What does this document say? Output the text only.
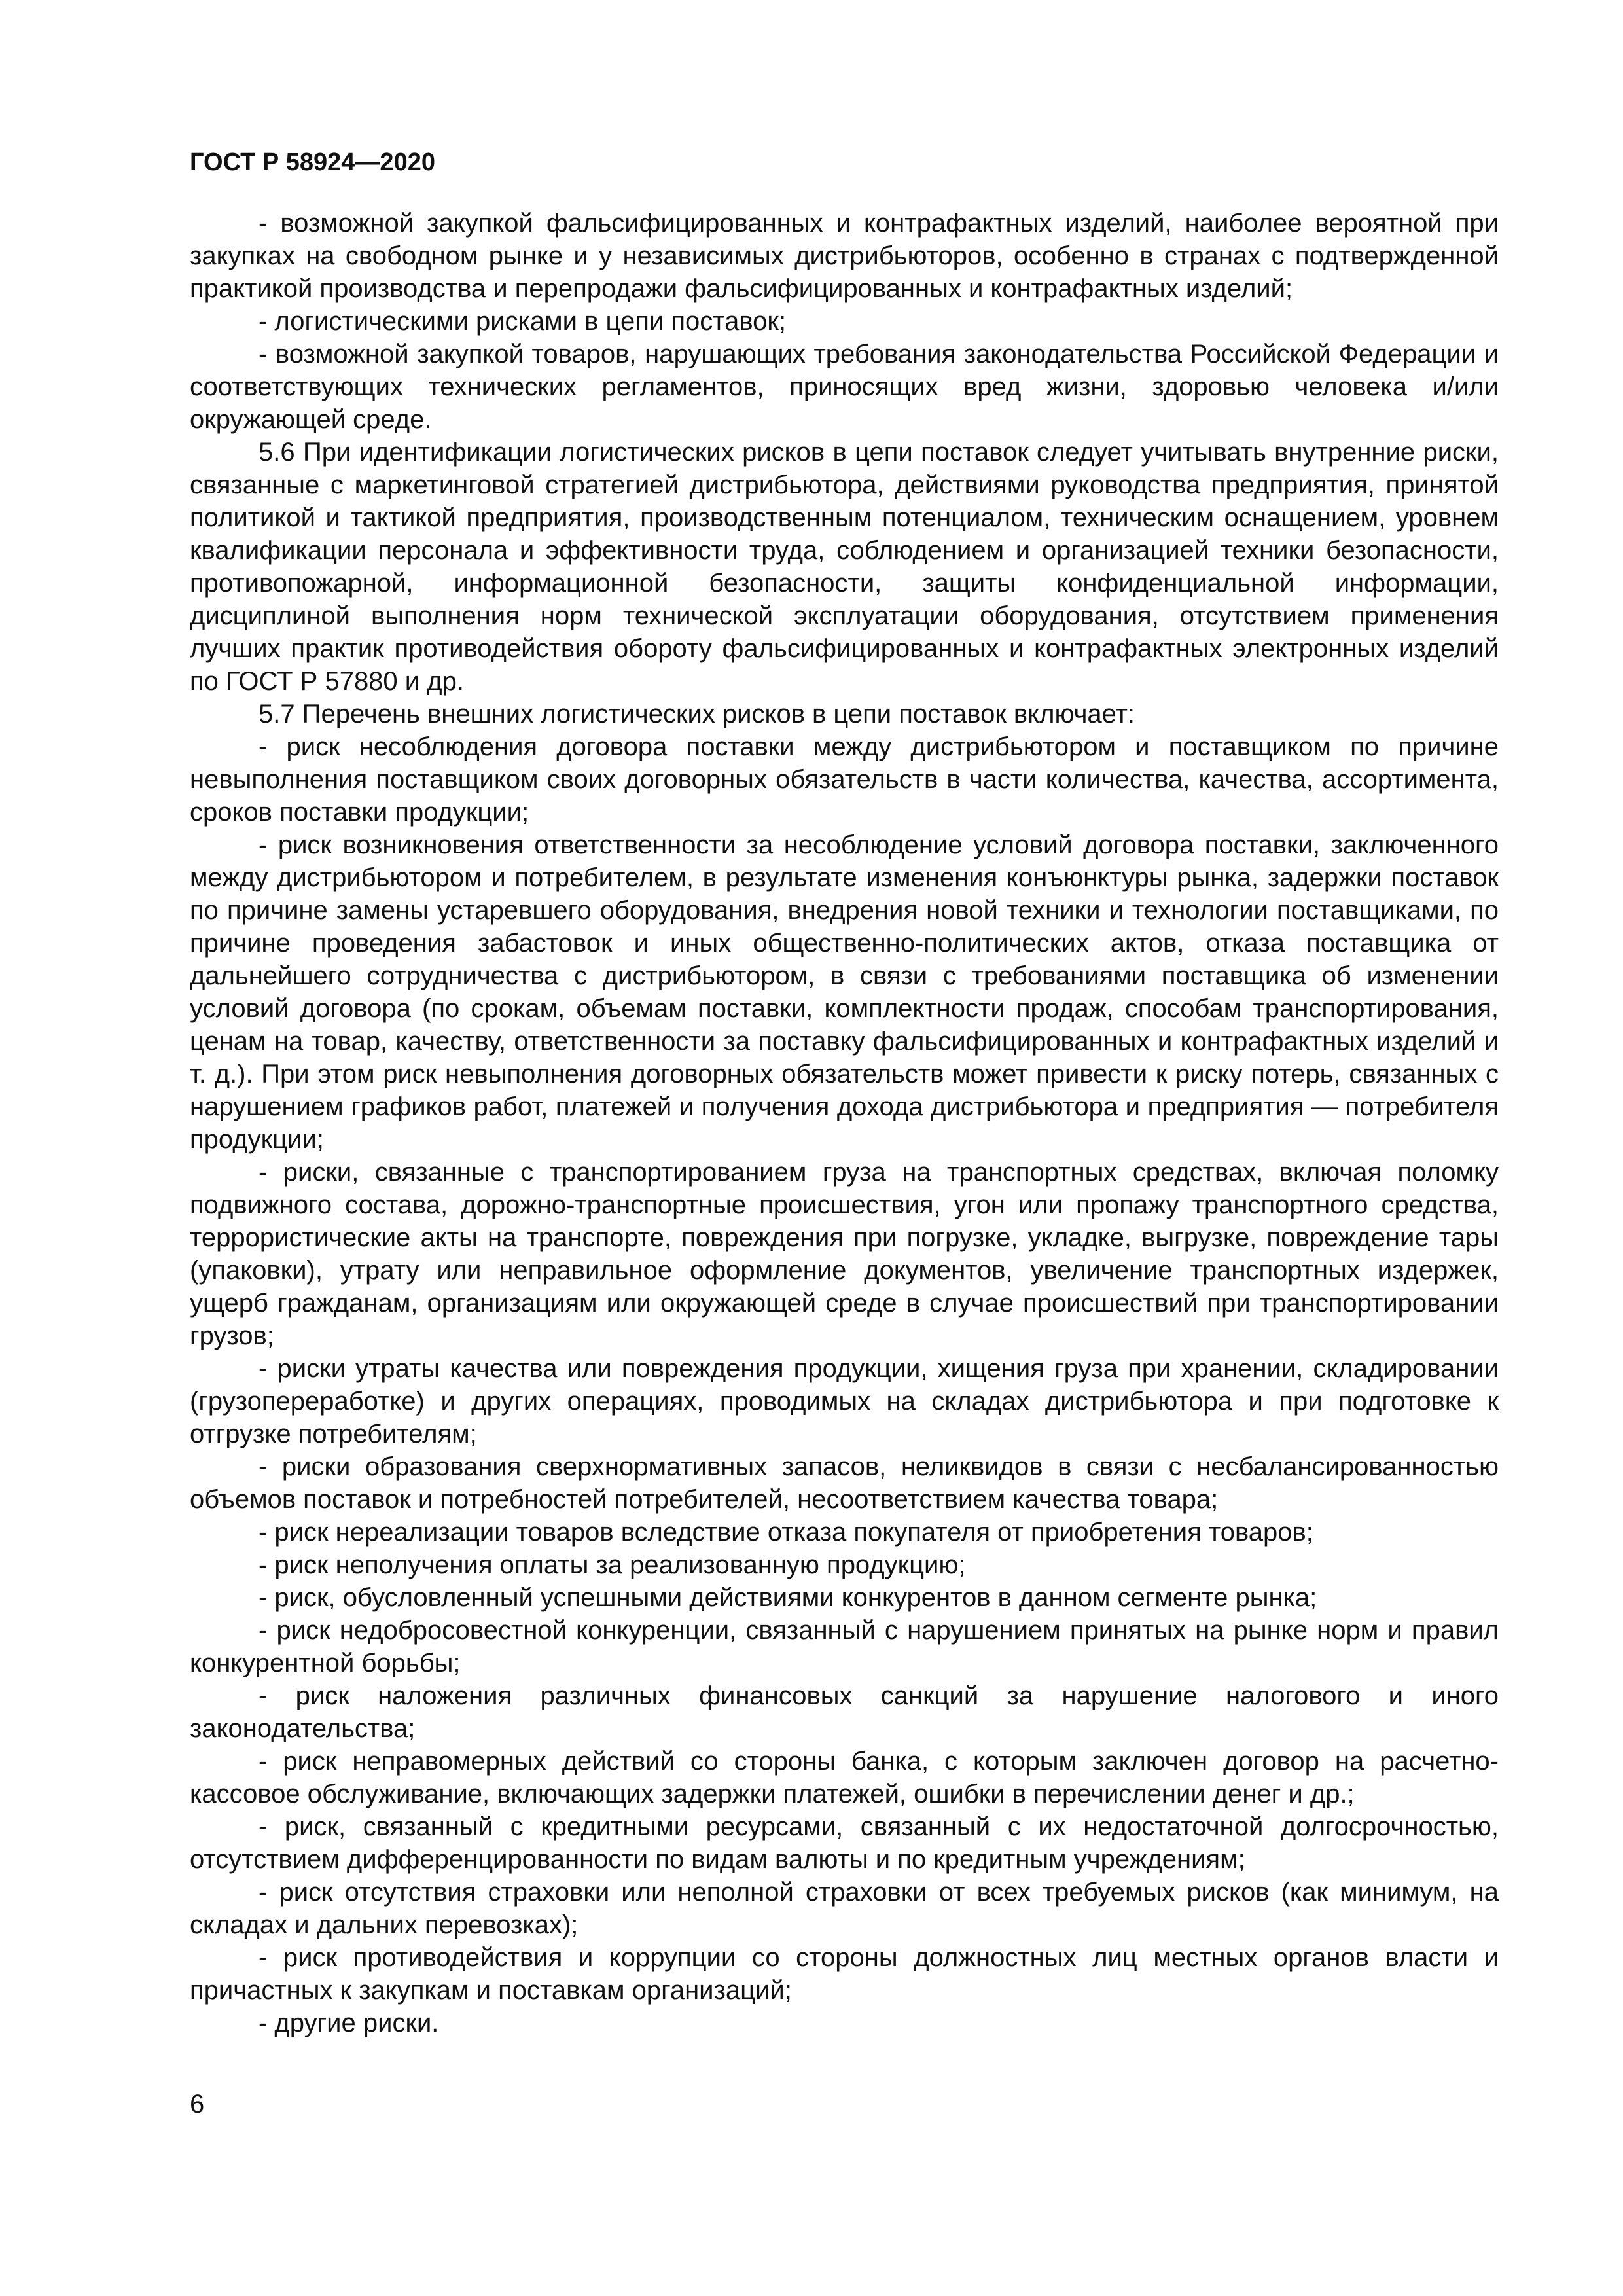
ГОСТ Р 58924—2020

- возможной закупкой фальсифицированных и контрафактных изделий, наиболее вероятной при закупках на свободном рынке и у независимых дистрибьюторов, особенно в странах с подтвержденной практикой производства и перепродажи фальсифицированных и контрафактных изделий;

- логистическими рисками в цепи поставок;

- возможной закупкой товаров, нарушающих требования законодательства Российской Федерации и соответствующих технических регламентов, приносящих вред жизни, здоровью человека и/или окружающей среде.

5.6 При идентификации логистических рисков в цепи поставок следует учитывать внутренние риски, связанные с маркетинговой стратегией дистрибьютора, действиями руководства предприятия, принятой политикой и тактикой предприятия, производственным потенциалом, техническим оснащением, уровнем квалификации персонала и эффективности труда, соблюдением и организацией техники безопасности, противопожарной, информационной безопасности, защиты конфиденциальной информации, дисциплиной выполнения норм технической эксплуатации оборудования, отсутствием применения лучших практик противодействия обороту фальсифицированных и контрафактных электронных изделий по ГОСТ Р 57880 и др.

5.7 Перечень внешних логистических рисков в цепи поставок включает:

- риск несоблюдения договора поставки между дистрибьютором и поставщиком по причине невыполнения поставщиком своих договорных обязательств в части количества, качества, ассортимента, сроков поставки продукции;

- риск возникновения ответственности за несоблюдение условий договора поставки, заключенного между дистрибьютором и потребителем, в результате изменения конъюнктуры рынка, задержки поставок по причине замены устаревшего оборудования, внедрения новой техники и технологии поставщиками, по причине проведения забастовок и иных общественно-политических актов, отказа поставщика от дальнейшего сотрудничества с дистрибьютором, в связи с требованиями поставщика об изменении условий договора (по срокам, объемам поставки, комплектности продаж, способам транспортирования, ценам на товар, качеству, ответственности за поставку фальсифицированных и контрафактных изделий и т. д.). При этом риск невыполнения договорных обязательств может привести к риску потерь, связанных с нарушением графиков работ, платежей и получения дохода дистрибьютора и предприятия — потребителя продукции;

- риски, связанные с транспортированием груза на транспортных средствах, включая поломку подвижного состава, дорожно-транспортные происшествия, угон или пропажу транспортного средства, террористические акты на транспорте, повреждения при погрузке, укладке, выгрузке, повреждение тары (упаковки), утрату или неправильное оформление документов, увеличение транспортных издержек, ущерб гражданам, организациям или окружающей среде в случае происшествий при транспортировании грузов;

- риски утраты качества или повреждения продукции, хищения груза при хранении, складировании (грузопереработке) и других операциях, проводимых на складах дистрибьютора и при подготовке к отгрузке потребителям;

- риски образования сверхнормативных запасов, неликвидов в связи с несбалансированностью объемов поставок и потребностей потребителей, несоответствием качества товара;

- риск нереализации товаров вследствие отказа покупателя от приобретения товаров;

- риск неполучения оплаты за реализованную продукцию;

- риск, обусловленный успешными действиями конкурентов в данном сегменте рынка;

- риск недобросовестной конкуренции, связанный с нарушением принятых на рынке норм и правил конкурентной борьбы;

- риск наложения различных финансовых санкций за нарушение налогового и иного законодательства;

- риск неправомерных действий со стороны банка, с которым заключен договор на расчетно-кассовое обслуживание, включающих задержки платежей, ошибки в перечислении денег и др.;

- риск, связанный с кредитными ресурсами, связанный с их недостаточной долгосрочностью, отсутствием дифференцированности по видам валюты и по кредитным учреждениям;

- риск отсутствия страховки или неполной страховки от всех требуемых рисков (как минимум, на складах и дальних перевозках);

- риск противодействия и коррупции со стороны должностных лиц местных органов власти и причастных к закупкам и поставкам организаций;

- другие риски.

6
